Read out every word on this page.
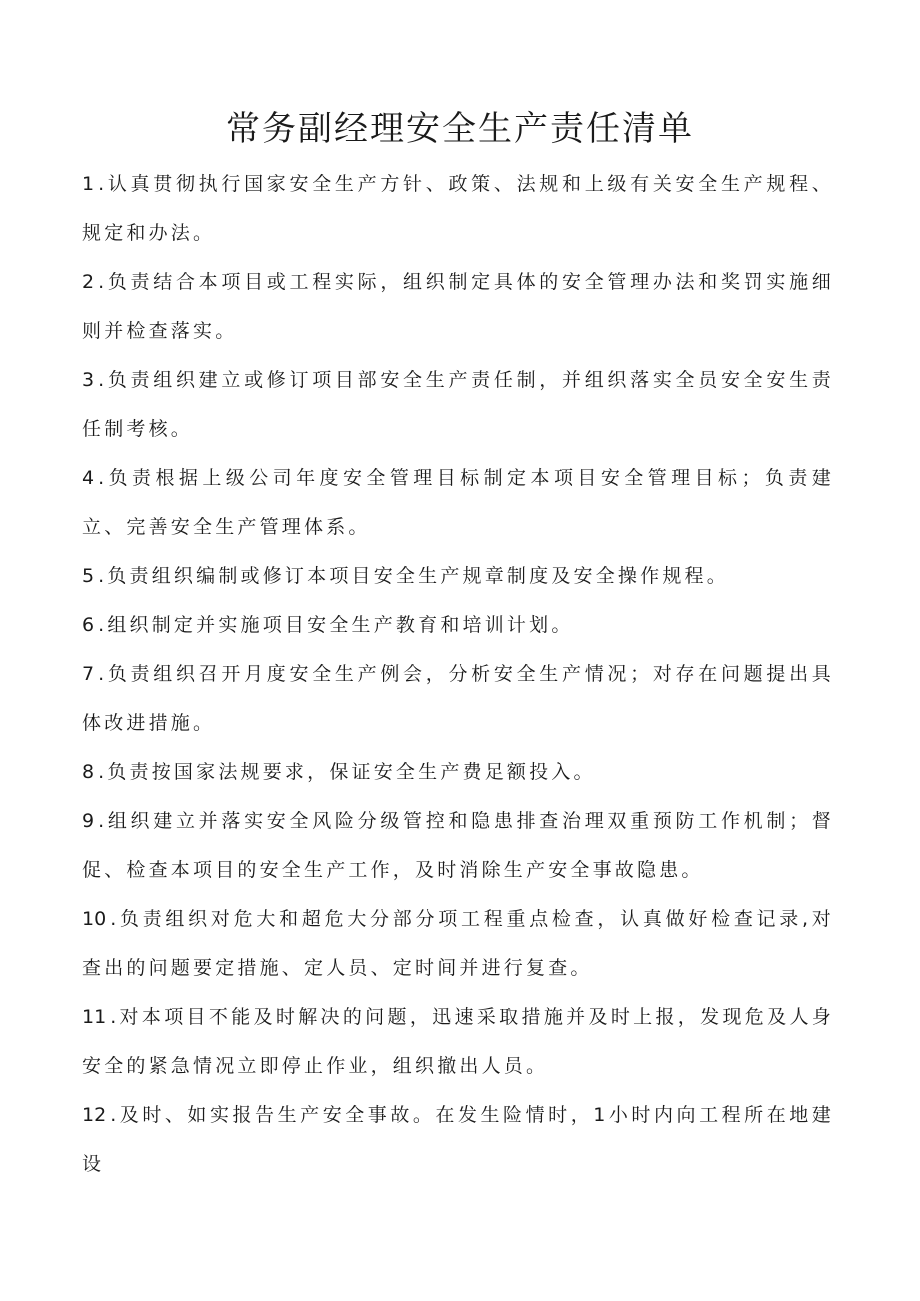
常务副经理安全生产责任清单
1 .认真贯彻执行国家安全生产方针、政策、法规和上级有关安全生产规程、规定和办法。
2 .负责结合本项目或工程实际，组织制定具体的安全管理办法和奖罚实施细则并检查落实。
3 .负责组织建立或修订项目部安全生产责任制，并组织落实全员安全安生责任制考核。
4 .负责根据上级公司年度安全管理目标制定本项目安全管理目标；负责建立、完善安全生产管理体系。
5 .负责组织编制或修订本项目安全生产规章制度及安全操作规程。
6 .组织制定并实施项目安全生产教育和培训计划。
7 .负责组织召开月度安全生产例会，分析安全生产情况；对存在问题提出具体改进措施。
8 .负责按国家法规要求，保证安全生产费足额投入。
9 .组织建立并落实安全风险分级管控和隐患排查治理双重预防工作机制；督促、检查本项目的安全生产工作，及时消除生产安全事故隐患。
10 .负责组织对危大和超危大分部分项工程重点检查，认真做好检查记录,对查出的问题要定措施、定人员、定时间并进行复查。
11 .对本项目不能及时解决的问题，迅速采取措施并及时上报，发现危及人身安全的紧急情况立即停止作业，组织撤出人员。
12 .及时、如实报告生产安全事故。在发生险情时，1小时内向工程所在地建设
